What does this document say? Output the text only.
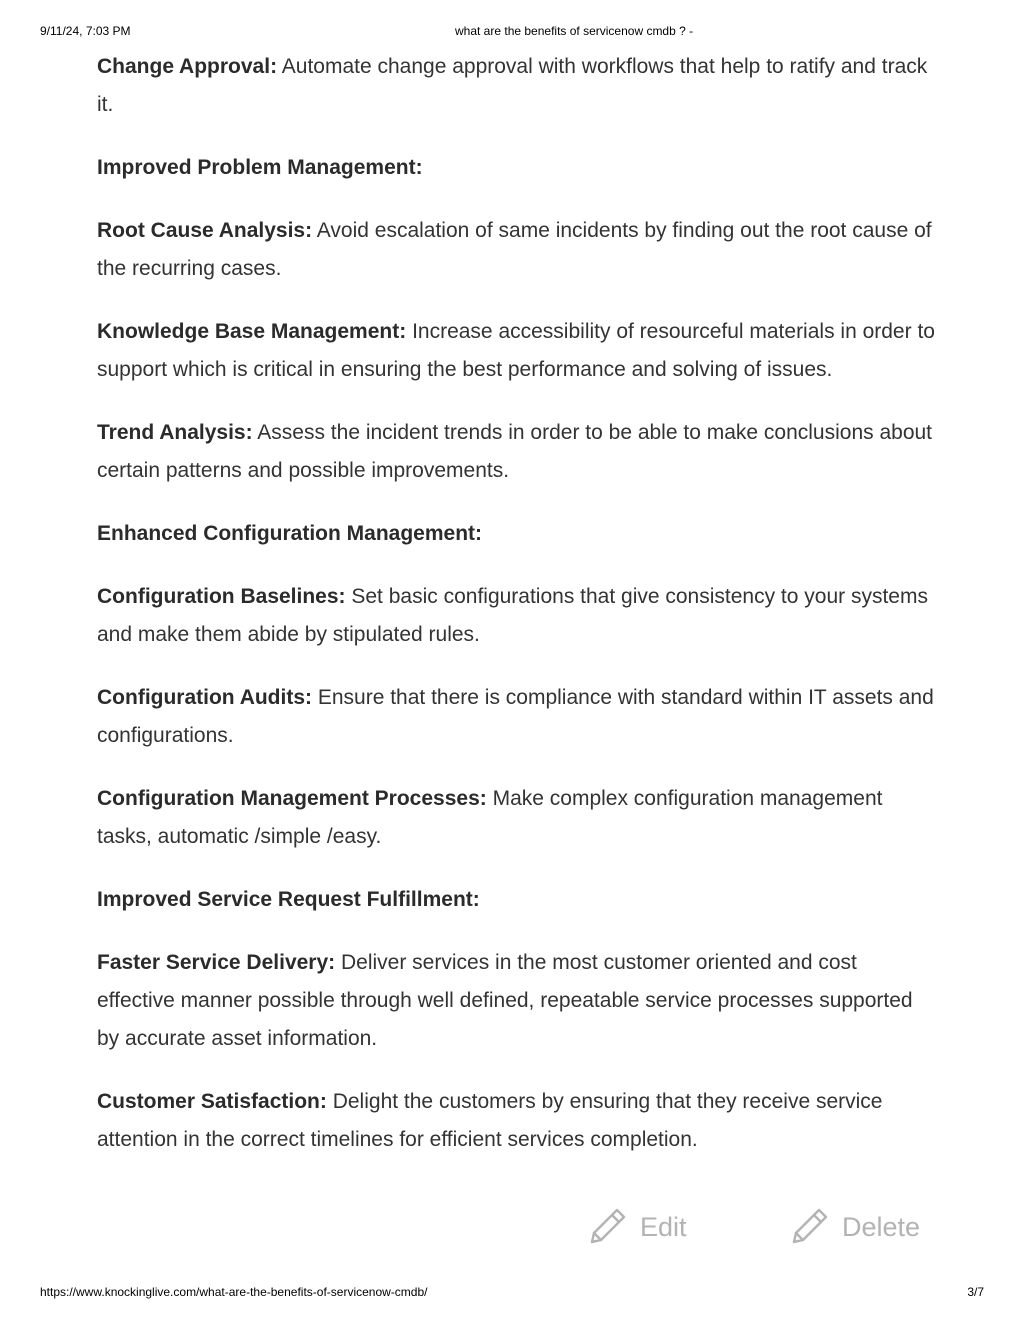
9/11/24, 7:03 PM	what are the benefits of servicenow cmdb ? -

Change Approval: Automate change approval with workflows that help to ratify and track it.

Improved Problem Management:

Root Cause Analysis: Avoid escalation of same incidents by finding out the root cause of the recurring cases.

Knowledge Base Management: Increase accessibility of resourceful materials in order to support which is critical in ensuring the best performance and solving of issues.

Trend Analysis: Assess the incident trends in order to be able to make conclusions about certain patterns and possible improvements.

Enhanced Configuration Management:

Configuration Baselines: Set basic configurations that give consistency to your systems and make them abide by stipulated rules.

Configuration Audits: Ensure that there is compliance with standard within IT assets and configurations.

Configuration Management Processes: Make complex configuration management tasks, automatic /simple /easy.

Improved Service Request Fulfillment:

Faster Service Delivery: Deliver services in the most customer oriented and cost effective manner possible through well defined, repeatable service processes supported by accurate asset information.

Customer Satisfaction: Delight the customers by ensuring that they receive service attention in the correct timelines for efficient services completion.

Edit	Delete
https://www.knockinglive.com/what-are-the-benefits-of-servicenow-cmdb/	3/7
